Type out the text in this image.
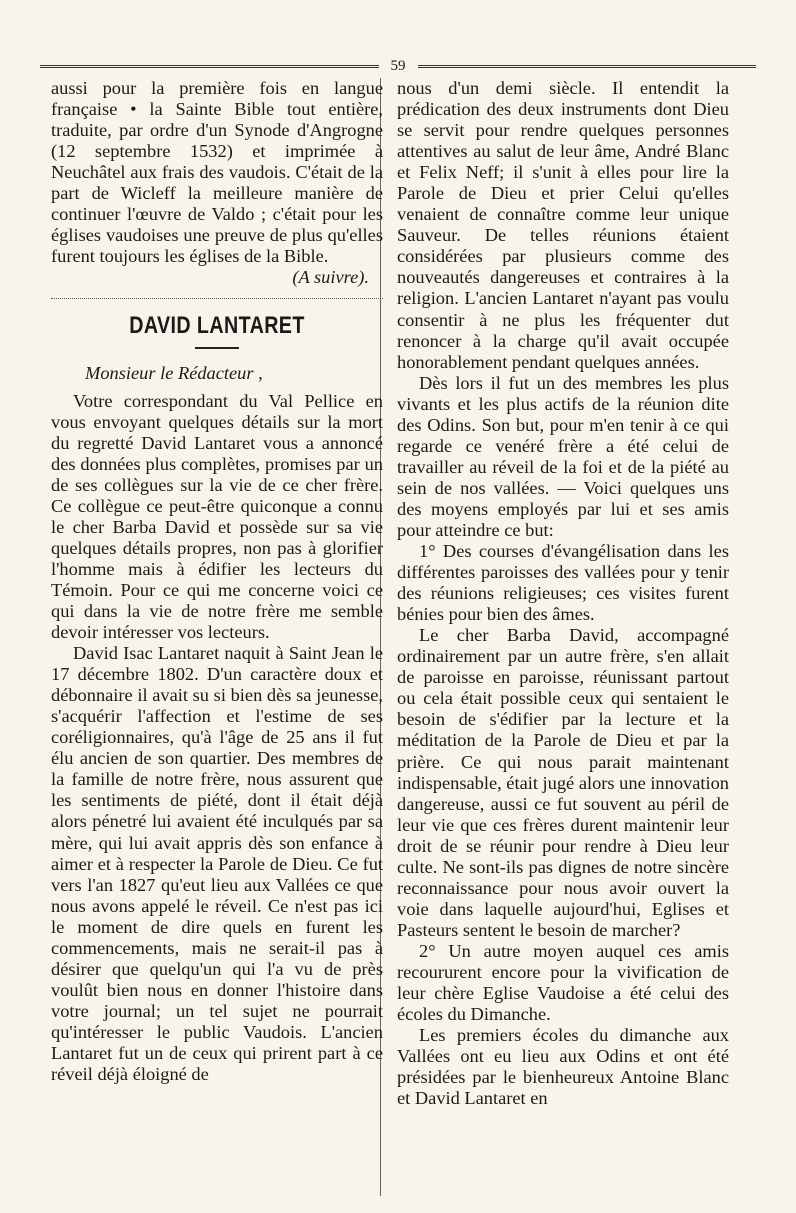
59

aussi pour la première fois en langue française • la Sainte Bible tout entière, traduite, par ordre d'un Synode d'Angrogne (12 septembre 1532) et imprimée à Neuchâtel aux frais des vaudois. C'était de la part de Wicleff la meilleure manière de continuer l'œuvre de Valdo ; c'était pour les églises vaudoises une preuve de plus qu'elles furent toujours les églises de la Bible.

(A suivre).

DAVID LANTARET

Monsieur le Rédacteur ,

Votre correspondant du Val Pellice en vous envoyant quelques détails sur la mort du regretté David Lantaret vous a annoncé des données plus complètes, promises par un de ses collègues sur la vie de ce cher frère. Ce collègue ce peut-être quiconque a connu le cher Barba David et possède sur sa vie quelques détails propres, non pas à glorifier l'homme mais à édifier les lecteurs du Témoin. Pour ce qui me concerne voici ce qui dans la vie de notre frère me semble devoir intéresser vos lecteurs.

David Isac Lantaret naquit à Saint Jean le 17 décembre 1802. D'un caractère doux et débonnaire il avait su si bien dès sa jeunesse, s'acquérir l'affection et l'estime de ses coréligionnaires, qu'à l'âge de 25 ans il fut élu ancien de son quartier. Des membres de la famille de notre frère, nous assurent que les sentiments de piété, dont il était déjà alors pénetré lui avaient été inculqués par sa mère, qui lui avait appris dès son enfance à aimer et à respecter la Parole de Dieu. Ce fut vers l'an 1827 qu'eut lieu aux Vallées ce que nous avons appelé le réveil. Ce n'est pas ici le moment de dire quels en furent les commencements, mais ne serait-il pas à désirer que quelqu'un qui l'a vu de près voulût bien nous en donner l'histoire dans votre journal; un tel sujet ne pourrait qu'intéresser le public Vaudois. L'ancien Lantaret fut un de ceux qui prirent part à ce réveil déjà éloigné de

nous d'un demi siècle. Il entendit la prédication des deux instruments dont Dieu se servit pour rendre quelques personnes attentives au salut de leur âme, André Blanc et Felix Neff; il s'unit à elles pour lire la Parole de Dieu et prier Celui qu'elles venaient de connaître comme leur unique Sauveur. De telles réunions étaient considérées par plusieurs comme des nouveautés dangereuses et contraires à la religion. L'ancien Lantaret n'ayant pas voulu consentir à ne plus les fréquenter dut renoncer à la charge qu'il avait occupée honorablement pendant quelques années.

Dès lors il fut un des membres les plus vivants et les plus actifs de la réunion dite des Odins. Son but, pour m'en tenir à ce qui regarde ce venéré frère a été celui de travailler au réveil de la foi et de la piété au sein de nos vallées. — Voici quelques uns des moyens employés par lui et ses amis pour atteindre ce but:

1° Des courses d'évangélisation dans les différentes paroisses des vallées pour y tenir des réunions religieuses; ces visites furent bénies pour bien des âmes.

Le cher Barba David, accompagné ordinairement par un autre frère, s'en allait de paroisse en paroisse, réunissant partout ou cela était possible ceux qui sentaient le besoin de s'édifier par la lecture et la méditation de la Parole de Dieu et par la prière. Ce qui nous parait maintenant indispensable, était jugé alors une innovation dangereuse, aussi ce fut souvent au péril de leur vie que ces frères durent maintenir leur droit de se réunir pour rendre à Dieu leur culte. Ne sont-ils pas dignes de notre sincère reconnaissance pour nous avoir ouvert la voie dans laquelle aujourd'hui, Eglises et Pasteurs sentent le besoin de marcher?

2° Un autre moyen auquel ces amis recoururent encore pour la vivification de leur chère Eglise Vaudoise a été celui des écoles du Dimanche.

Les premiers écoles du dimanche aux Vallées ont eu lieu aux Odins et ont été présidées par le bienheureux Antoine Blanc et David Lantaret en
